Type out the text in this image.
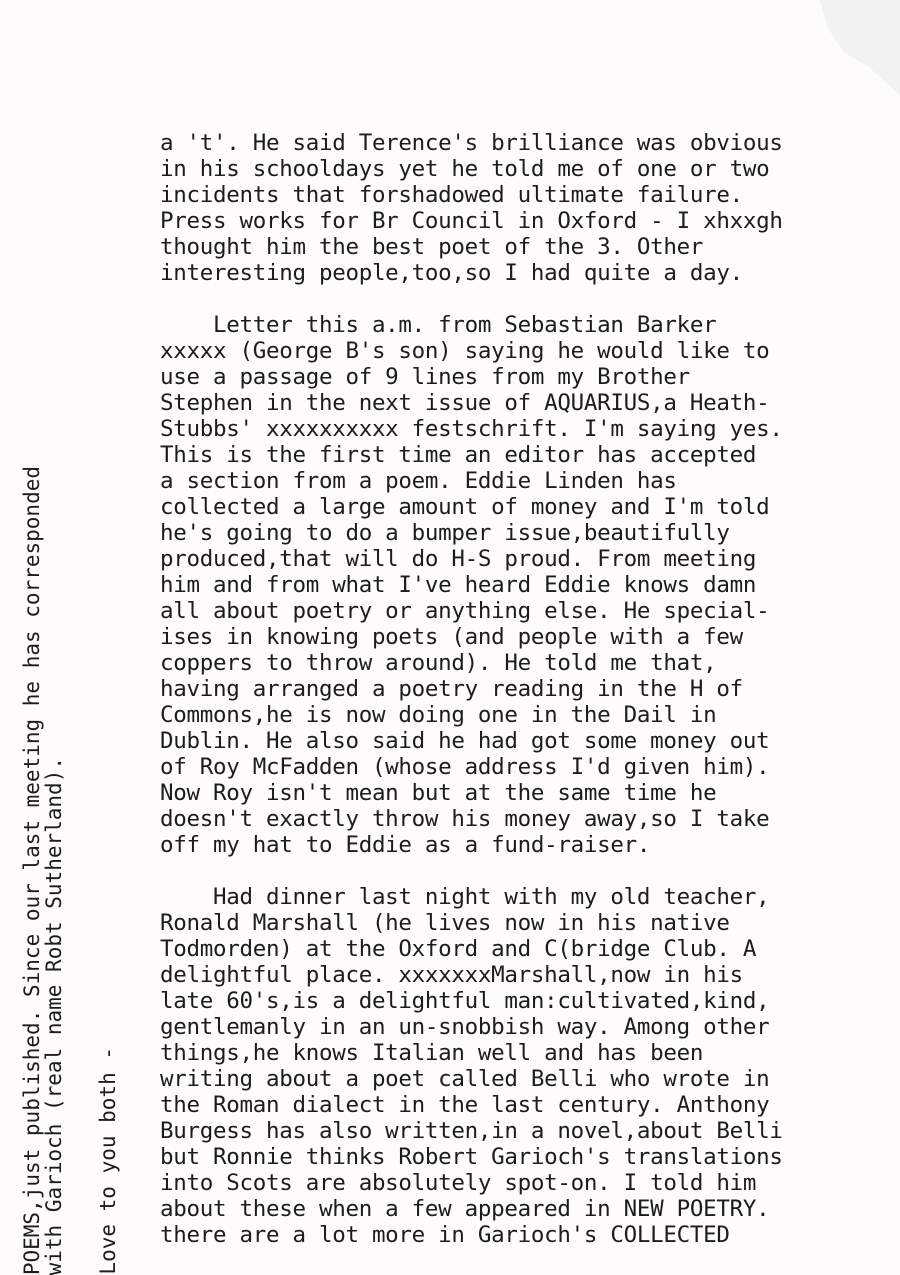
POEMS,just published. Since our last meeting he has corresponded
with Garioch (real name Robt Sutherland). Love to you both -

a 't'. He said Terence's brilliance was obvious
in his schooldays yet he told me of one or two
incidents that forshadowed ultimate failure.
Press works for Br Council in Oxford - I xhxxgh
thought him the best poet of the 3. Other
interesting people,too,so I had quite a day.

Letter this a.m. from Sebastian Barker
xxxxx (George B's son) saying he would like to
use a passage of 9 lines from my Brother
Stephen in the next issue of AQUARIUS,a Heath-
Stubbs' xxxxxxxxxx festschrift. I'm saying yes.
This is the first time an editor has accepted
a section from a poem. Eddie Linden has
collected a large amount of money and I'm told
he's going to do a bumper issue,beautifully
produced,that will do H-S proud. From meeting
him and from what I've heard Eddie knows damn
all about poetry or anything else. He special-
ises in knowing poets (and people with a few
coppers to throw around). He told me that,
having arranged a poetry reading in the H of
Commons,he is now doing one in the Dail in
Dublin. He also said he had got some money out
of Roy McFadden (whose address I'd given him).
Now Roy isn't mean but at the same time he
doesn't exactly throw his money away,so I take
off my hat to Eddie as a fund-raiser.

Had dinner last night with my old teacher,
Ronald Marshall (he lives now in his native
Todmorden) at the Oxford and C(bridge Club. A
delightful place. xxxxxxxMarshall,now in his
late 60's,is a delightful man:cultivated,kind,
gentlemanly in an un-snobbish way. Among other
things,he knows Italian well and has been
writing about a poet called Belli who wrote in
the Roman dialect in the last century. Anthony
Burgess has also written,in a novel,about Belli
but Ronnie thinks Robert Garioch's translations
into Scots are absolutely spot-on. I told him
about these when a few appeared in NEW POETRY.
there are a lot more in Garioch's COLLECTED
